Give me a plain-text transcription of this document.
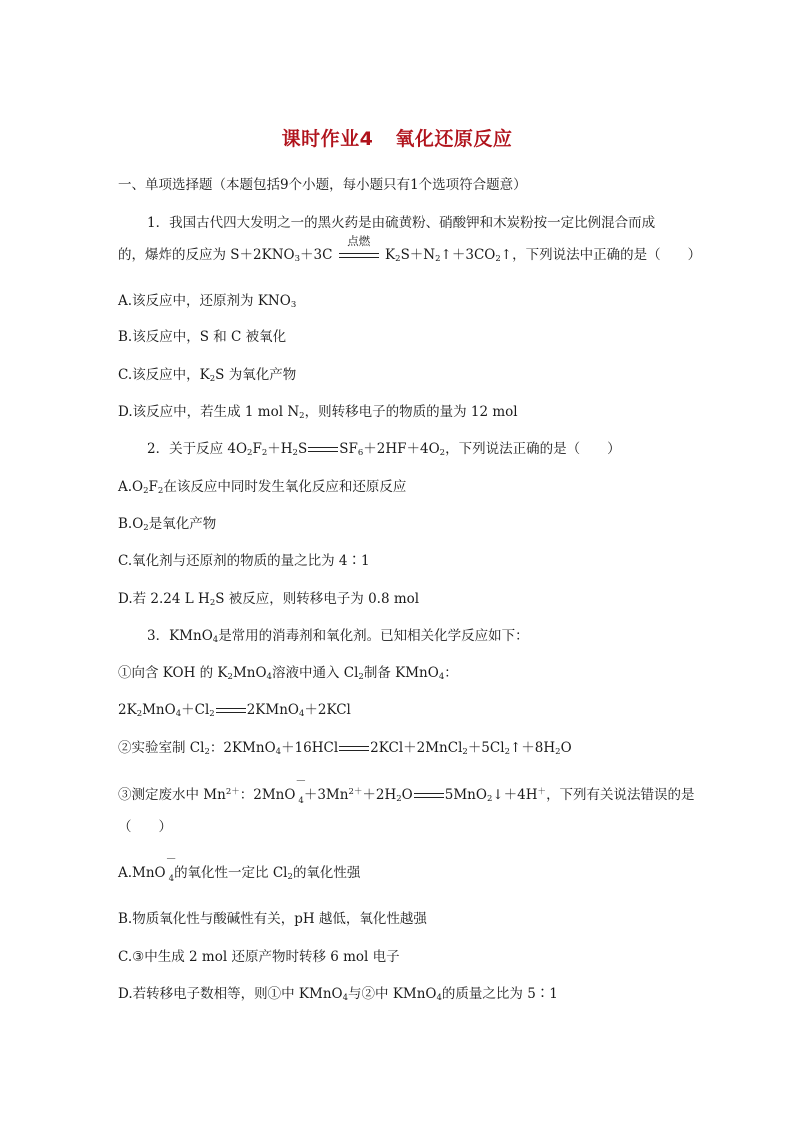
课时作业4 氧化还原反应
一、单项选择题（本题包括9个小题，每小题只有1个选项符合题意）
1．我国古代四大发明之一的黑火药是由硫黄粉、硝酸钾和木炭粉按一定比例混合而成
的，爆炸的反应为 $S+2KNO_3+3C$
点燃
$K_2S+N_2↑+3CO_2↑$，下列说法中正确的是（　　）
A.该反应中，还原剂为 $KNO_3$
B.该反应中，S 和 C 被氧化
C.该反应中，$K_2S$ 为氧化产物
D.该反应中，若生成 1 mol $N_2$，则转移电子的物质的量为 12 mol
2．关于反应 $4O_2F_2+H_2S$ $SF_6+2HF+4O_2$，下列说法正确的是（　　）
$A.O_2F_2$在该反应中同时发生氧化反应和还原反应
$B.O_2$是氧化产物
C.氧化剂与还原剂的物质的量之比为 4∶1
D.若 2.24 L $H_2S$ 被反应，则转移电子为 0.8 mol
3．KMnO$_4$是常用的消毒剂和氧化剂。已知相关化学反应如下：
①向含 KOH 的 $K_2MnO_4$溶液中通入 $Cl_2$制备 KMnO$_4$：
$2K_2MnO_4+Cl_2$ 2KMnO$_4$＋2KCl
②实验室制 $Cl_2$：2KMnO$_4$＋16HCl $2KCl+2MnCl_2+5Cl_2↑+8H_2O$
③测定废水中 $Mn^{2+}$：2MnO
－
$_4+3Mn^{2+}+2H_2O$ 5MnO$_2$↓＋4H＋，下列有关说法错误的是
（　　）
A.MnO
－
$_4$的氧化性一定比 $Cl_2$的氧化性强
B.物质氧化性与酸碱性有关，pH 越低，氧化性越强
C.③中生成 2 mol 还原产物时转移 6 mol 电子
D.若转移电子数相等，则①中 KMnO$_4$与②中 KMnO$_4$的质量之比为 5∶1
